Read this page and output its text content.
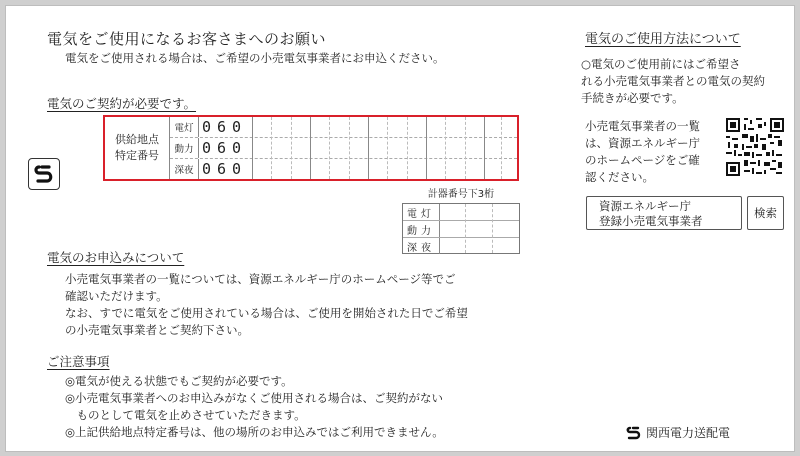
電気をご使用になるお客さまへのお願い
電気をご使用される場合は、ご希望の小売電気事業者にお申込ください。
電気のご契約が必要です。
供給地点
特定番号
電灯 060
動力 060
深夜 060
計器番号下3桁
電灯
動力
深夜
電気のお申込みについて
小売電気事業者の一覧については、資源エネルギー庁のホームページ等でご
確認いただけます。
なお、すでに電気をご使用されている場合は、ご使用を開始された日でご希望
の小売電気事業者とご契約下さい。
ご注意事項
◎電気が使える状態でもご契約が必要です。
◎小売電気事業者へのお申込みがなくご使用される場合は、ご契約がない
　ものとして電気を止めさせていただきます。
◎上記供給地点特定番号は、他の場所のお申込みではご利用できません。
電気のご使用方法について
○電気のご使用前にはご希望さ
れる小売電気事業者との電気の契約
手続きが必要です。
小売電気事業者の一覧
は、資源エネルギー庁
のホームページをご確
認ください。
資源エネルギー庁
登録小売電気事業者
検索
関西電力送配電
